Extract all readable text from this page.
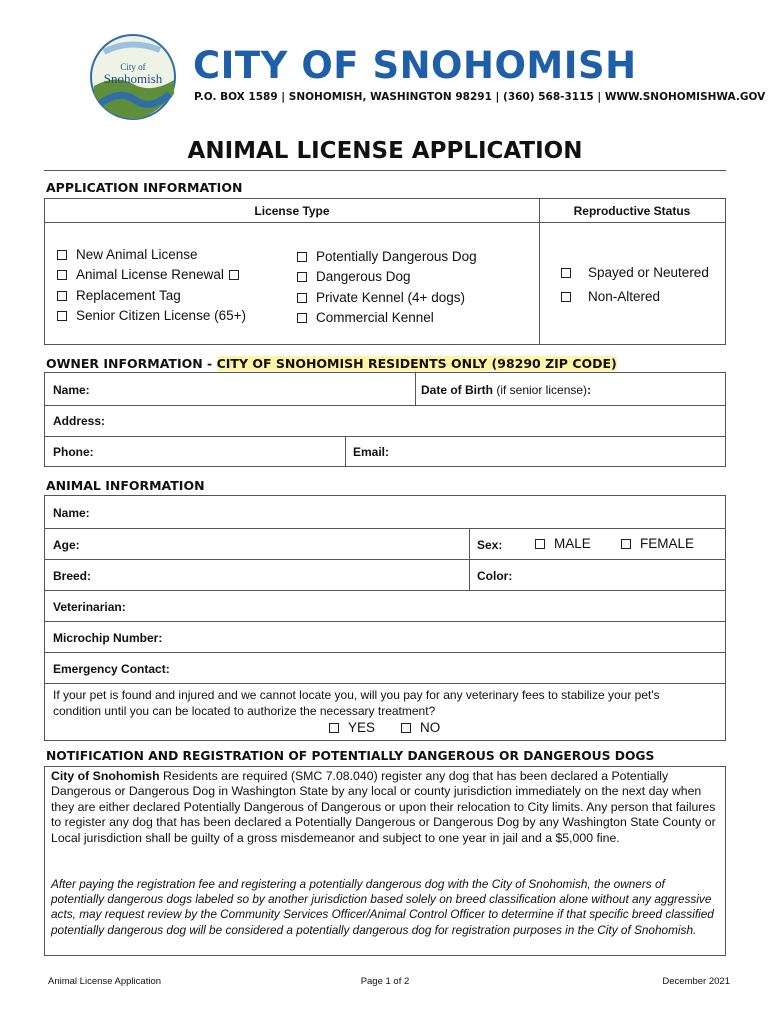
City of
Snohomish CITY OF SNOHOMISH
P.O. BOX 1589 | SNOHOMISH, WASHINGTON 98291 | (360) 568-3115 | WWW.SNOHOMISHWA.GOV
ANIMAL LICENSE APPLICATION
APPLICATION INFORMATION
License Type	Reproductive Status
New Animal License
Animal License Renewal
Replacement Tag
Senior Citizen License (65+)
Potentially Dangerous Dog
Dangerous Dog
Private Kennel (4+ dogs)
Commercial Kennel
Spayed or Neutered
Non-Altered
OWNER INFORMATION - CITY OF SNOHOMISH RESIDENTS ONLY (98290 ZIP CODE)
Name:	Date of Birth (if senior license):
Address:
Phone:	Email:
ANIMAL INFORMATION
Name:
Age:	Sex:	MALE	FEMALE
Breed:	Color:
Veterinarian:
Microchip Number:
Emergency Contact:
If your pet is found and injured and we cannot locate you, will you pay for any veterinary fees to stabilize your pet's
condition until you can be located to authorize the necessary treatment?
YES	NO
NOTIFICATION AND REGISTRATION OF POTENTIALLY DANGEROUS OR DANGEROUS DOGS
City of Snohomish Residents are required (SMC 7.08.040) register any dog that has been declared a Potentially Dangerous or Dangerous Dog in Washington State by any local or county jurisdiction immediately on the next day when they are either declared Potentially Dangerous of Dangerous or upon their relocation to City limits. Any person that failures to register any dog that has been declared a Potentially Dangerous or Dangerous Dog by any Washington State County or Local jurisdiction shall be guilty of a gross misdemeanor and subject to one year in jail and a $5,000 fine.
After paying the registration fee and registering a potentially dangerous dog with the City of Snohomish, the owners of potentially dangerous dogs labeled so by another jurisdiction based solely on breed classification alone without any aggressive acts, may request review by the Community Services Officer/Animal Control Officer to determine if that specific breed classified potentially dangerous dog will be considered a potentially dangerous dog for registration purposes in the City of Snohomish.
Animal License Application	Page 1 of 2	December 2021
